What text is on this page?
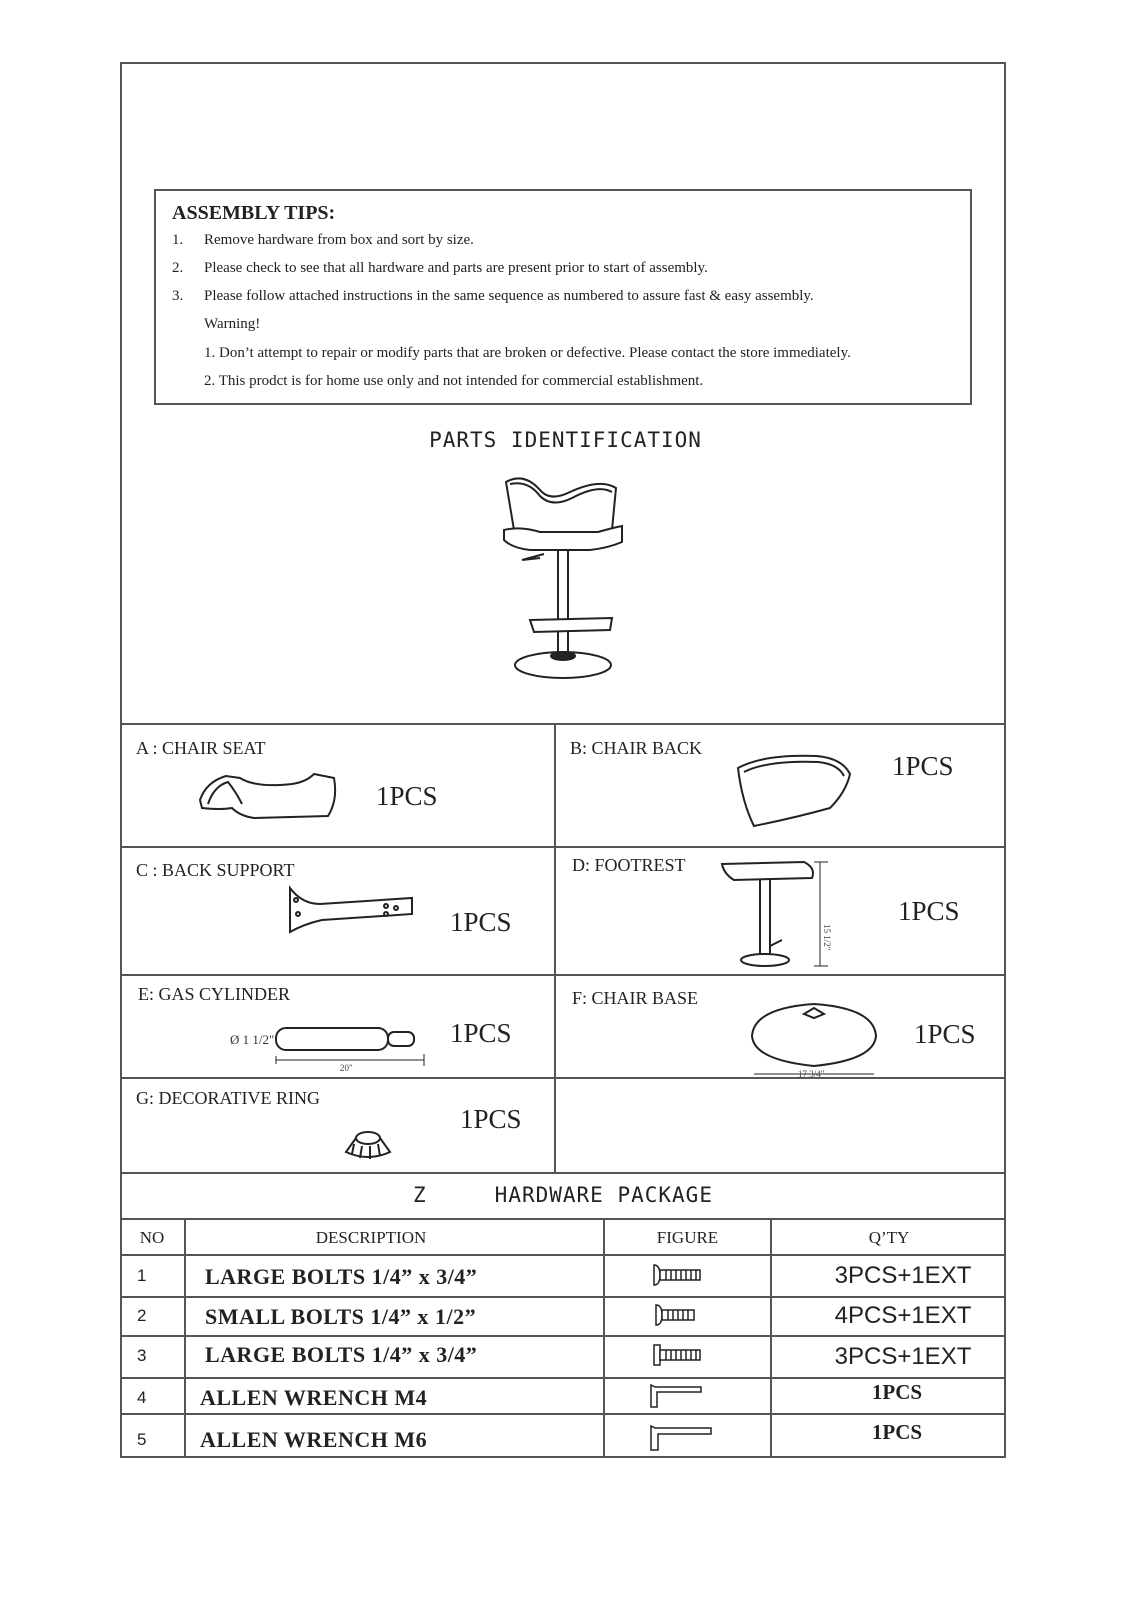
ASSEMBLY TIPS:
1. Remove hardware from box and sort by size.
2. Please check to see that all hardware and parts are present prior to start of assembly.
3. Please follow attached instructions in the same sequence as numbered to assure fast & easy assembly.
Warning!
1. Don’t attempt to repair or modify parts that are broken or defective. Please contact the store immediately.
2. This prodct is for home use only and not intended for commercial establishment.
PARTS IDENTIFICATION
A : CHAIR SEAT
1PCS
B: CHAIR BACK
1PCS
C : BACK SUPPORT
1PCS
D: FOOTREST
15 1/2"
1PCS
E: GAS CYLINDER
Ø 1 1/2"
20"
1PCS
F: CHAIR BASE
17 3/4"
1PCS
G: DECORATIVE RING
1PCS
Z	HARDWARE PACKAGE
NO	DESCRIPTION	FIGURE	Q’TY
1	LARGE BOLTS 1/4” x 3/4”	3PCS+1EXT
2	SMALL BOLTS 1/4” x 1/2”	4PCS+1EXT
3	LARGE BOLTS 1/4” x 3/4”	3PCS+1EXT
4 ALLEN WRENCH M4	1PCS
5 ALLEN WRENCH M6	1PCS
